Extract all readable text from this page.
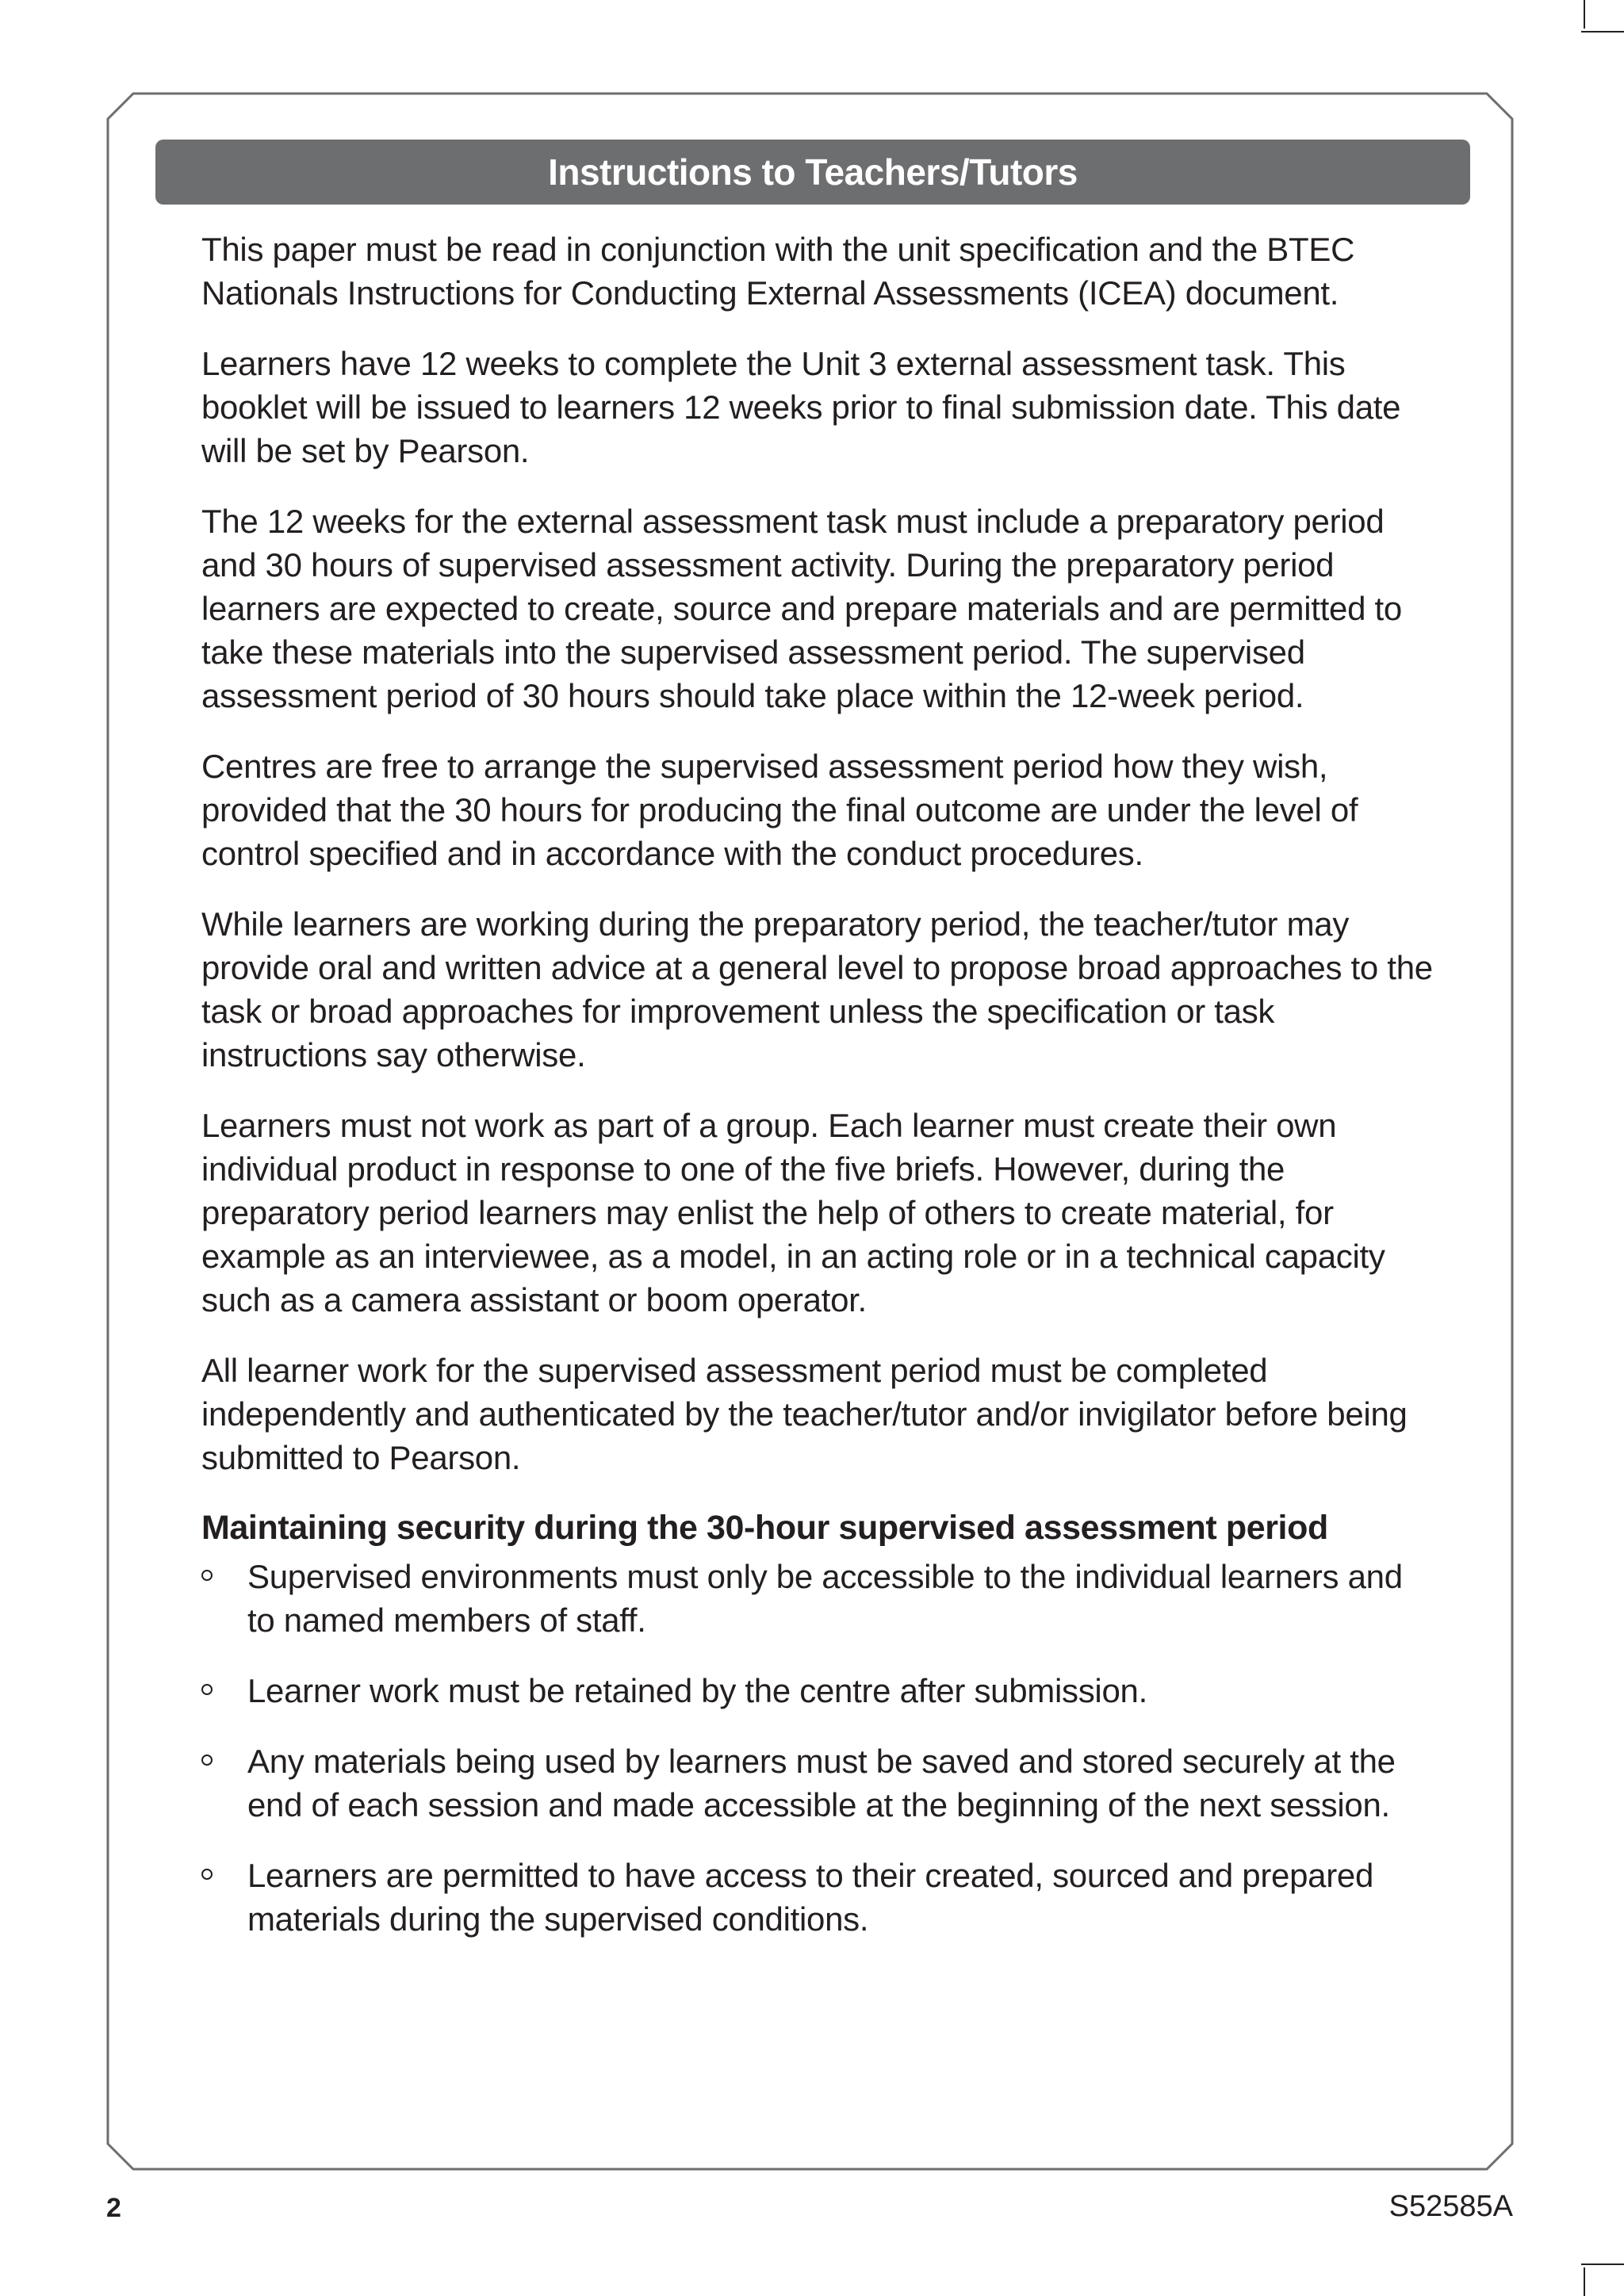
Instructions to Teachers/Tutors

This paper must be read in conjunction with the unit specification and the BTEC Nationals Instructions for Conducting External Assessments (ICEA) document.

Learners have 12 weeks to complete the Unit 3 external assessment task. This booklet will be issued to learners 12 weeks prior to final submission date. This date will be set by Pearson.

The 12 weeks for the external assessment task must include a preparatory period and 30 hours of supervised assessment activity. During the preparatory period learners are expected to create, source and prepare materials and are permitted to take these materials into the supervised assessment period. The supervised assessment period of 30 hours should take place within the 12-week period.

Centres are free to arrange the supervised assessment period how they wish, provided that the 30 hours for producing the final outcome are under the level of control specified and in accordance with the conduct procedures.

While learners are working during the preparatory period, the teacher/tutor may provide oral and written advice at a general level to propose broad approaches to the task or broad approaches for improvement unless the specification or task instructions say otherwise.

Learners must not work as part of a group. Each learner must create their own individual product in response to one of the five briefs. However, during the preparatory period learners may enlist the help of others to create material, for example as an interviewee, as a model, in an acting role or in a technical capacity such as a camera assistant or boom operator.

All learner work for the supervised assessment period must be completed independently and authenticated by the teacher/tutor and/or invigilator before being submitted to Pearson.

Maintaining security during the 30-hour supervised assessment period
Supervised environments must only be accessible to the individual learners and to named members of staff.
Learner work must be retained by the centre after submission.
Any materials being used by learners must be saved and stored securely at the end of each session and made accessible at the beginning of the next session.
Learners are permitted to have access to their created, sourced and prepared materials during the supervised conditions.
2	S52585A
